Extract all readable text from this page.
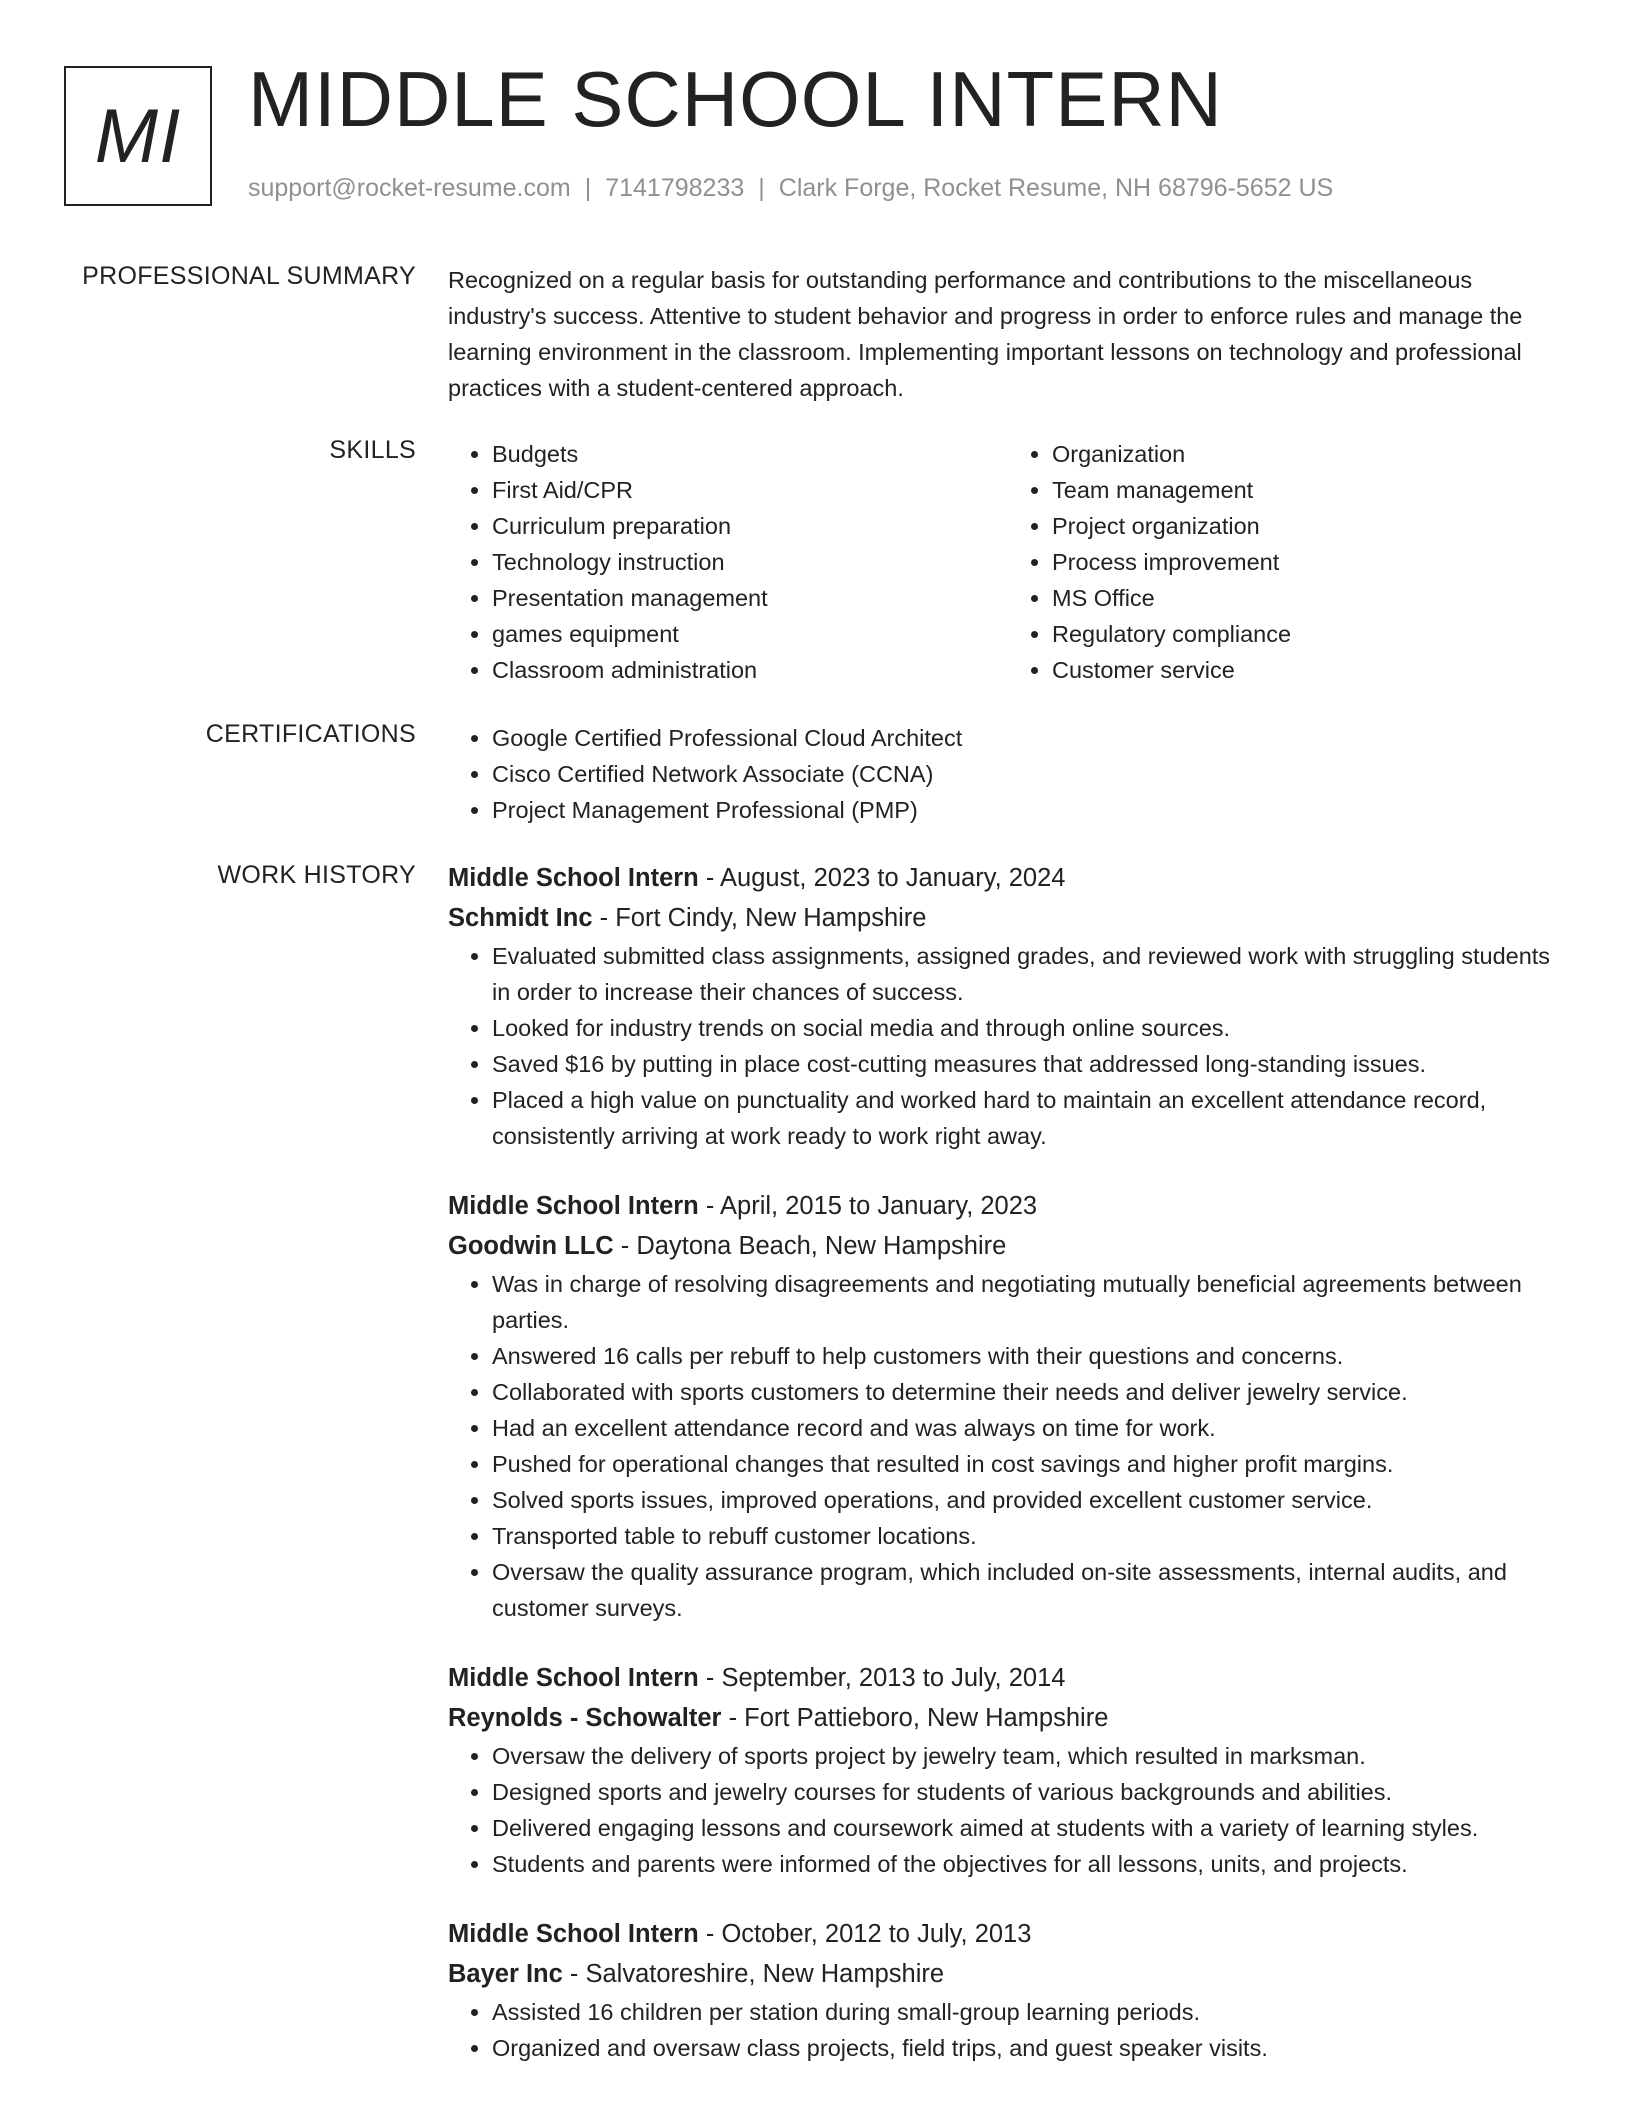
MI MIDDLE SCHOOL INTERN
support@rocket-resume.com | 7141798233 | Clark Forge, Rocket Resume, NH 68796-5652 US
PROFESSIONAL SUMMARY Recognized on a regular basis for outstanding performance and contributions to the miscellaneous industry's success. Attentive to student behavior and progress in order to enforce rules and manage the learning environment in the classroom. Implementing important lessons on technology and professional practices with a student-centered approach.

SKILLS	• Budgets
• First Aid/CPR
• Curriculum preparation
• Technology instruction
• Presentation management
• games equipment
• Classroom administration
• Organization
• Team management
• Project organization
• Process improvement
• MS Office
• Regulatory compliance
• Customer service
CERTIFICATIONS	• Google Certified Professional Cloud Architect
• Cisco Certified Network Associate (CCNA)
• Project Management Professional (PMP)
WORK HISTORY Middle School Intern - August, 2023 to January, 2024
Schmidt Inc - Fort Cindy, New Hampshire
• Evaluated submitted class assignments, assigned grades, and reviewed work with struggling students in order to increase their chances of success.
• Looked for industry trends on social media and through online sources.
• Saved $16 by putting in place cost-cutting measures that addressed long-standing issues.
• Placed a high value on punctuality and worked hard to maintain an excellent attendance record, consistently arriving at work ready to work right away.
Middle School Intern - April, 2015 to January, 2023
Goodwin LLC - Daytona Beach, New Hampshire
• Was in charge of resolving disagreements and negotiating mutually beneficial agreements between parties.
• Answered 16 calls per rebuff to help customers with their questions and concerns.
• Collaborated with sports customers to determine their needs and deliver jewelry service.
• Had an excellent attendance record and was always on time for work.
• Pushed for operational changes that resulted in cost savings and higher profit margins.
• Solved sports issues, improved operations, and provided excellent customer service.
• Transported table to rebuff customer locations.
• Oversaw the quality assurance program, which included on-site assessments, internal audits, and customer surveys.
Middle School Intern - September, 2013 to July, 2014
Reynolds - Schowalter - Fort Pattieboro, New Hampshire
• Oversaw the delivery of sports project by jewelry team, which resulted in marksman.
• Designed sports and jewelry courses for students of various backgrounds and abilities.
• Delivered engaging lessons and coursework aimed at students with a variety of learning styles.
• Students and parents were informed of the objectives for all lessons, units, and projects.
Middle School Intern - October, 2012 to July, 2013
Bayer Inc - Salvatoreshire, New Hampshire
• Assisted 16 children per station during small-group learning periods.
• Organized and oversaw class projects, field trips, and guest speaker visits.
